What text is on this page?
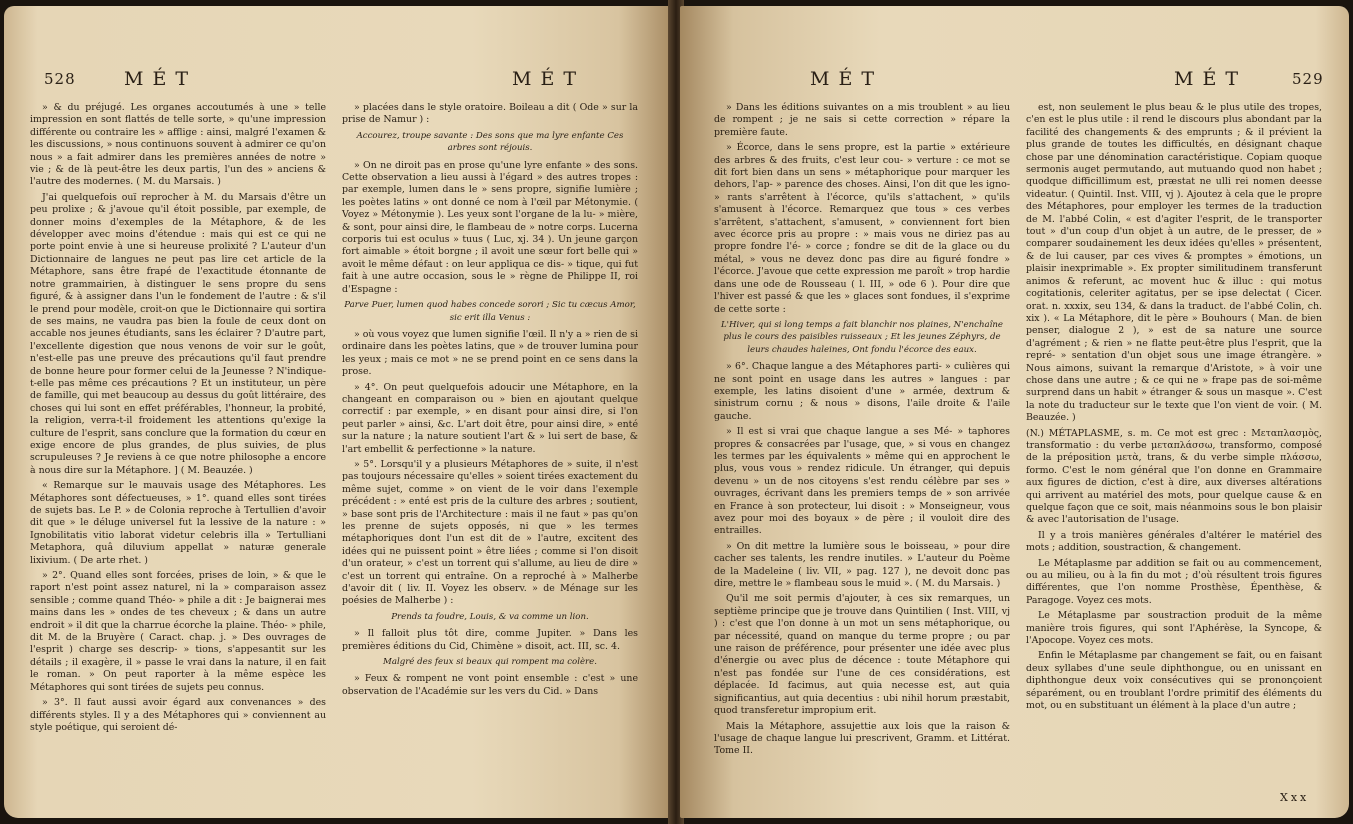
528	MÉT	MÉT

» & du préjugé. Les organes accoutumés à une » telle impression en sont flattés de telle sorte, » qu'une impression différente ou contraire les » afflige : ainsi, malgré l'examen & les discussions, » nous continuons souvent à admirer ce qu'on nous » a fait admirer dans les premières années de notre » vie ; & de là peut-être les deux partis, l'un des » anciens & l'autre des modernes. ( M. du Marsais. )

J'ai quelquefois ouï reprocher à M. du Marsais d'être un peu prolixe ; & j'avoue qu'il étoit possible, par exemple, de donner moins d'exemples de la Métaphore, & de les développer avec moins d'étendue : mais qui est ce qui ne porte point envie à une si heureuse prolixité ? L'auteur d'un Dictionnaire de langues ne peut pas lire cet article de la Métaphore, sans être frapé de l'exactitude étonnante de notre grammairien, à distinguer le sens propre du sens figuré, & à assigner dans l'un le fondement de l'autre : & s'il le prend pour modèle, croit-on que le Dictionnaire qui sortira de ses mains, ne vaudra pas bien la foule de ceux dont on accable nos jeunes étudiants, sans les éclairer ? D'autre part, l'excellente digestion que nous venons de voir sur le goût, n'est-elle pas une preuve des précautions qu'il faut prendre de bonne heure pour former celui de la Jeunesse ? N'indique-t-elle pas même ces précautions ? Et un instituteur, un père de famille, qui met beaucoup au dessus du goût littéraire, des choses qui lui sont en effet préférables, l'honneur, la probité, la religion, verra-t-il froidement les attentions qu'exige la culture de l'esprit, sans conclure que la formation du cœur en exige encore de plus grandes, de plus suivies, de plus scrupuleuses ? Je reviens à ce que notre philosophe a encore à nous dire sur la Métaphore. ] ( M. Beauzée. )

« Remarque sur le mauvais usage des Métaphores. Les Métaphores sont défectueuses, » 1°. quand elles sont tirées de sujets bas. Le P. » de Colonia reproche à Tertullien d'avoir dit que » le déluge universel fut la lessive de la nature : » Ignobilitatis vitio laborat videtur celebris illa » Tertulliani Metaphora, quâ diluvium appellat » naturæ generale lixivium. ( De arte rhet. )

» 2°. Quand elles sont forcées, prises de loin, » & que le raport n'est point assez naturel, ni la » comparaison assez sensible ; comme quand Théo- » phile a dit : Je baignerai mes mains dans les » ondes de tes cheveux ; & dans un autre endroit » il dit que la charrue écorche la plaine. Théo- » phile, dit M. de la Bruyère ( Caract. chap. j. » Des ouvrages de l'esprit ) charge ses descrip- » tions, s'appesantit sur les détails ; il exagère, il » passe le vrai dans la nature, il en fait le roman. » On peut raporter à la même espèce les Métaphores qui sont tirées de sujets peu connus.

» 3°. Il faut aussi avoir égard aux convenances » des différents styles. Il y a des Métaphores qui » conviennent au style poétique, qui seroient dé-

» placées dans le style oratoire. Boileau a dit ( Ode » sur la prise de Namur ) :

Accourez, troupe savante : Des sons que ma lyre enfante Ces arbres sont réjouis.

» On ne diroit pas en prose qu'une lyre enfante » des sons. Cette observation a lieu aussi à l'égard » des autres tropes : par exemple, lumen dans le » sens propre, signifie lumière ; les poètes latins » ont donné ce nom à l'œil par Métonymie. ( Voyez » Métonymie ). Les yeux sont l'organe de la lu- » mière, & sont, pour ainsi dire, le flambeau de » notre corps. Lucerna corporis tui est oculus » tuus ( Luc, xj. 34 ). Un jeune garçon fort aimable » étoit borgne ; il avoit une sœur fort belle qui » avoit le même défaut : on leur appliqua ce dis- » tique, qui fut fait à une autre occasion, sous le » règne de Philippe II, roi d'Espagne :

Parve Puer, lumen quod habes concede sorori ; Sic tu cæcus Amor, sic erit illa Venus :

» où vous voyez que lumen signifie l'œil. Il n'y a » rien de si ordinaire dans les poètes latins, que » de trouver lumina pour les yeux ; mais ce mot » ne se prend point en ce sens dans la prose.

» 4°. On peut quelquefois adoucir une Métaphore, en la changeant en comparaison ou » bien en ajoutant quelque correctif : par exemple, » en disant pour ainsi dire, si l'on peut parler » ainsi, &c. L'art doit être, pour ainsi dire, » enté sur la nature ; la nature soutient l'art & » lui sert de base, & l'art embellit & perfectionne » la nature.

» 5°. Lorsqu'il y a plusieurs Métaphores de » suite, il n'est pas toujours nécessaire qu'elles » soient tirées exactement du même sujet, comme » on vient de le voir dans l'exemple précédent : » enté est pris de la culture des arbres ; soutient, » base sont pris de l'Architecture : mais il ne faut » pas qu'on les prenne de sujets opposés, ni que » les termes métaphoriques dont l'un est dit de » l'autre, excitent des idées qui ne puissent point » être liées ; comme si l'on disoit d'un orateur, » c'est un torrent qui s'allume, au lieu de dire » c'est un torrent qui entraîne. On a reproché à » Malherbe d'avoir dit ( liv. II. Voyez les observ. » de Ménage sur les poésies de Malherbe ) :

Prends ta foudre, Louis, & va comme un lion.

» Il falloit plus tôt dire, comme Jupiter. » Dans les premières éditions du Cid, Chimène » disoit, act. III, sc. 4.

Malgré des feux si beaux qui rompent ma colère.

» Feux & rompent ne vont point ensemble : c'est » une observation de l'Académie sur les vers du Cid. » Dans

MÉT	MÉT	529

» Dans les éditions suivantes on a mis troublent » au lieu de rompent ; je ne sais si cette correction » répare la première faute.

» Écorce, dans le sens propre, est la partie » extérieure des arbres & des fruits, c'est leur cou- » verture : ce mot se dit fort bien dans un sens » métaphorique pour marquer les dehors, l'ap- » parence des choses. Ainsi, l'on dit que les igno- » rants s'arrêtent à l'écorce, qu'ils s'attachent, » qu'ils s'amusent à l'écorce. Remarquez que tous » ces verbes s'arrêtent, s'attachent, s'amusent, » conviennent fort bien avec écorce pris au propre : » mais vous ne diriez pas au propre fondre l'é- » corce ; fondre se dit de la glace ou du métal, » vous ne devez donc pas dire au figuré fondre » l'écorce. J'avoue que cette expression me paroît » trop hardie dans une ode de Rousseau ( l. III, » ode 6 ). Pour dire que l'hiver est passé & que les » glaces sont fondues, il s'exprime de cette sorte :

L'Hiver, qui si long temps a fait blanchir nos plaines, N'enchaîne plus le cours des paisibles ruisseaux ; Et les jeunes Zéphyrs, de leurs chaudes haleines, Ont fondu l'écorce des eaux.

» 6°. Chaque langue a des Métaphores parti- » culières qui ne sont point en usage dans les autres » langues : par exemple, les latins disoient d'une » armée, dextrum & sinistrum cornu ; & nous » disons, l'aile droite & l'aile gauche.

» Il est si vrai que chaque langue a ses Mé- » taphores propres & consacrées par l'usage, que, » si vous en changez les termes par les équivalents » même qui en approchent le plus, vous vous » rendez ridicule. Un étranger, qui depuis devenu » un de nos citoyens s'est rendu célèbre par ses » ouvrages, écrivant dans les premiers temps de » son arrivée en France à son protecteur, lui disoit : » Monseigneur, vous avez pour moi des boyaux » de père ; il vouloit dire des entrailles.

» On dit mettre la lumière sous le boisseau, » pour dire cacher ses talents, les rendre inutiles. » L'auteur du Poème de la Madeleine ( liv. VII, » pag. 127 ), ne devoit donc pas dire, mettre le » flambeau sous le muid ». ( M. du Marsais. )

Qu'il me soit permis d'ajouter, à ces six remarques, un septième principe que je trouve dans Quintilien ( Inst. VIII, vj ) : c'est que l'on donne à un mot un sens métaphorique, ou par nécessité, quand on manque du terme propre ; ou par une raison de préférence, pour présenter une idée avec plus d'énergie ou avec plus de décence : toute Métaphore qui n'est pas fondée sur l'une de ces considérations, est déplacée. Id facimus, aut quia necesse est, aut quia significantius, aut quia decentius : ubi nihil horum præstabit, quod transferetur impropium erit.

Mais la Métaphore, assujettie aux lois que la raison & l'usage de chaque langue lui prescrivent, Gramm. et Littérat. Tome II.

est, non seulement le plus beau & le plus utile des tropes, c'en est le plus utile : il rend le discours plus abondant par la facilité des changements & des emprunts ; & il prévient la plus grande de toutes les difficultés, en désignant chaque chose par une dénomination caractéristique. Copiam quoque sermonis auget permutando, aut mutuando quod non habet ; quodque difficillimum est, præstat ne ulli rei nomen deesse videatur. ( Quintil. Inst. VIII, vj ). Ajoutez à cela que le propre des Métaphores, pour employer les termes de la traduction de M. l'abbé Colin, « est d'agiter l'esprit, de le transporter tout » d'un coup d'un objet à un autre, de le presser, de » comparer soudainement les deux idées qu'elles » présentent, & de lui causer, par ces vives & promptes » émotions, un plaisir inexprimable ». Ex propter similitudinem transferunt animos & referunt, ac movent huc & illuc : qui motus cogitationis, celeriter agitatus, per se ipse delectat ( Cicer. orat. n. xxxix, seu 134, & dans la traduct. de l'abbé Colin, ch. xix ). « La Métaphore, dit le père » Bouhours ( Man. de bien penser, dialogue 2 ), » est de sa nature une source d'agrément ; & rien » ne flatte peut-être plus l'esprit, que la repré- » sentation d'un objet sous une image étrangère. » Nous aimons, suivant la remarque d'Aristote, » à voir une chose dans une autre ; & ce qui ne » frape pas de soi-même surprend dans un habit » étranger & sous un masque ». C'est la note du traducteur sur le texte que l'on vient de voir. ( M. Beauzée. )

(N.) MÉTAPLASME, s. m. Ce mot est grec : Μεταπλασμὸς, transformatio : du verbe μεταπλάσσω, transformo, composé de la préposition μετὰ, trans, & du verbe simple πλάσσω, formo. C'est le nom général que l'on donne en Grammaire aux figures de diction, c'est à dire, aux diverses altérations qui arrivent au matériel des mots, pour quelque cause & en quelque façon que ce soit, mais néanmoins sous le bon plaisir & avec l'autorisation de l'usage.

Il y a trois manières générales d'altérer le matériel des mots ; addition, soustraction, & changement.

Le Métaplasme par addition se fait ou au commencement, ou au milieu, ou à la fin du mot ; d'où résultent trois figures différentes, que l'on nomme Prosthèse, Épenthèse, & Paragoge. Voyez ces mots.

Le Métaplasme par soustraction produit de la même manière trois figures, qui sont l'Aphérèse, la Syncope, & l'Apocope. Voyez ces mots.

Enfin le Métaplasme par changement se fait, ou en faisant deux syllabes d'une seule diphthongue, ou en unissant en diphthongue deux voix consécutives qui se prononçoient séparément, ou en troublant l'ordre primitif des éléments du mot, ou en substituant un élément à la place d'un autre ;

Xxx
